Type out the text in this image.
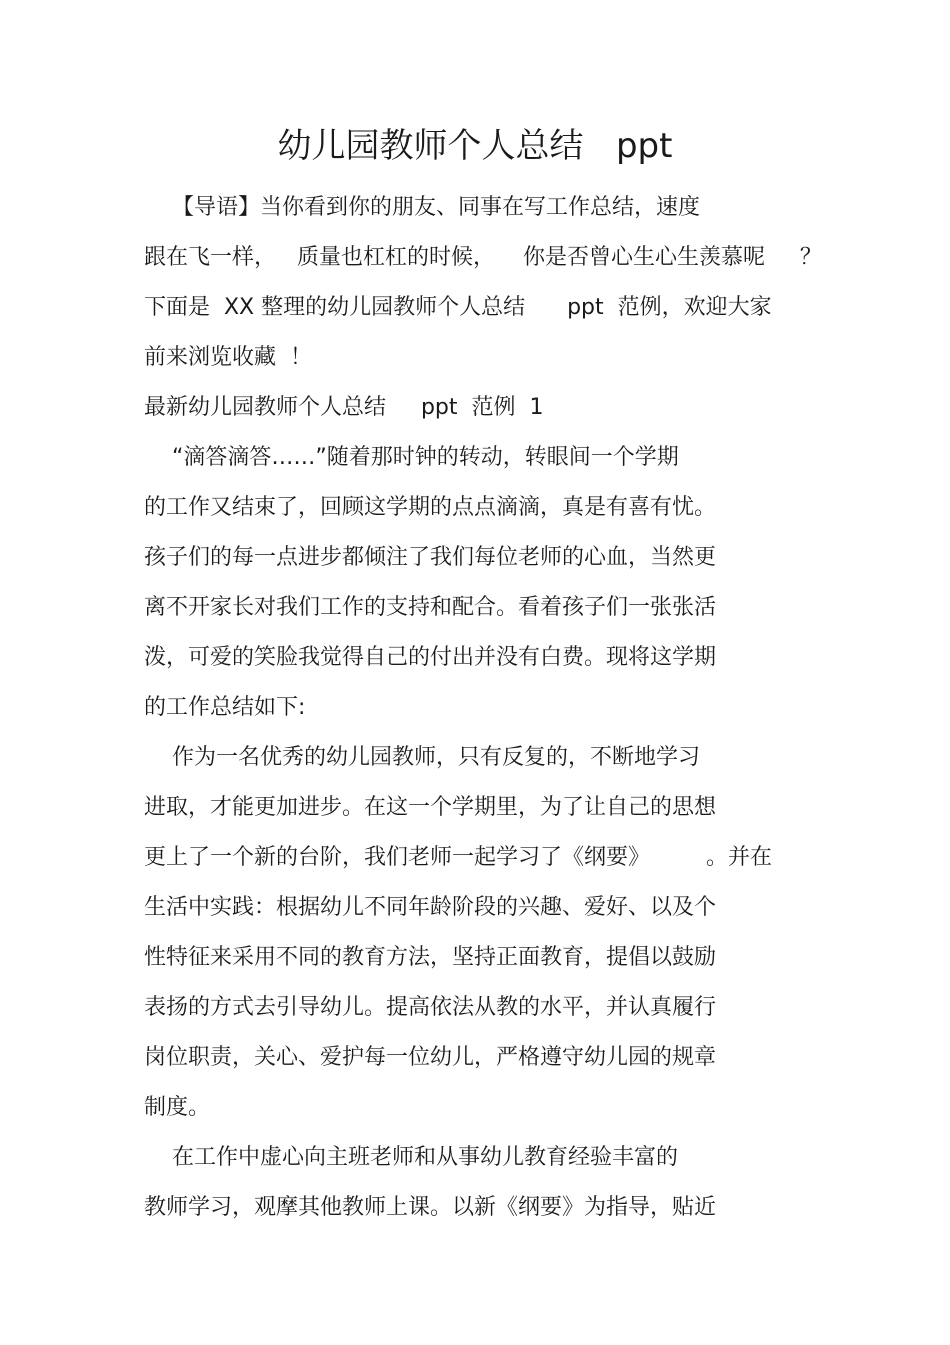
幼儿园教师个人总结   ppt
【导语】当你看到你的朋友、同事在写工作总结，速度
跟在飞一样，   质量也杠杠的时候，    你是否曾心生心生羡慕呢     ？
下面是  XX 整理的幼儿园教师个人总结      ppt  范例，欢迎大家
前来浏览收藏  ！
最新幼儿园教师个人总结     ppt  范例  1
“滴答滴答……”随着那时钟的转动，转眼间一个学期
的工作又结束了，回顾这学期的点点滴滴，真是有喜有忧。
孩子们的每一点进步都倾注了我们每位老师的心血，当然更
离不开家长对我们工作的支持和配合。看着孩子们一张张活
泼，可爱的笑脸我觉得自己的付出并没有白费。现将这学期
的工作总结如下:
作为一名优秀的幼儿园教师，只有反复的，不断地学习
进取，才能更加进步。在这一个学期里，为了让自己的思想
更上了一个新的台阶，我们老师一起学习了《纲要》        。并在
生活中实践：根据幼儿不同年龄阶段的兴趣、爱好、以及个
性特征来采用不同的教育方法，坚持正面教育，提倡以鼓励
表扬的方式去引导幼儿。提高依法从教的水平，并认真履行
岗位职责，关心、爱护每一位幼儿，严格遵守幼儿园的规章
制度。
在工作中虚心向主班老师和从事幼儿教育经验丰富的
教师学习，观摩其他教师上课。以新《纲要》为指导，贴近
